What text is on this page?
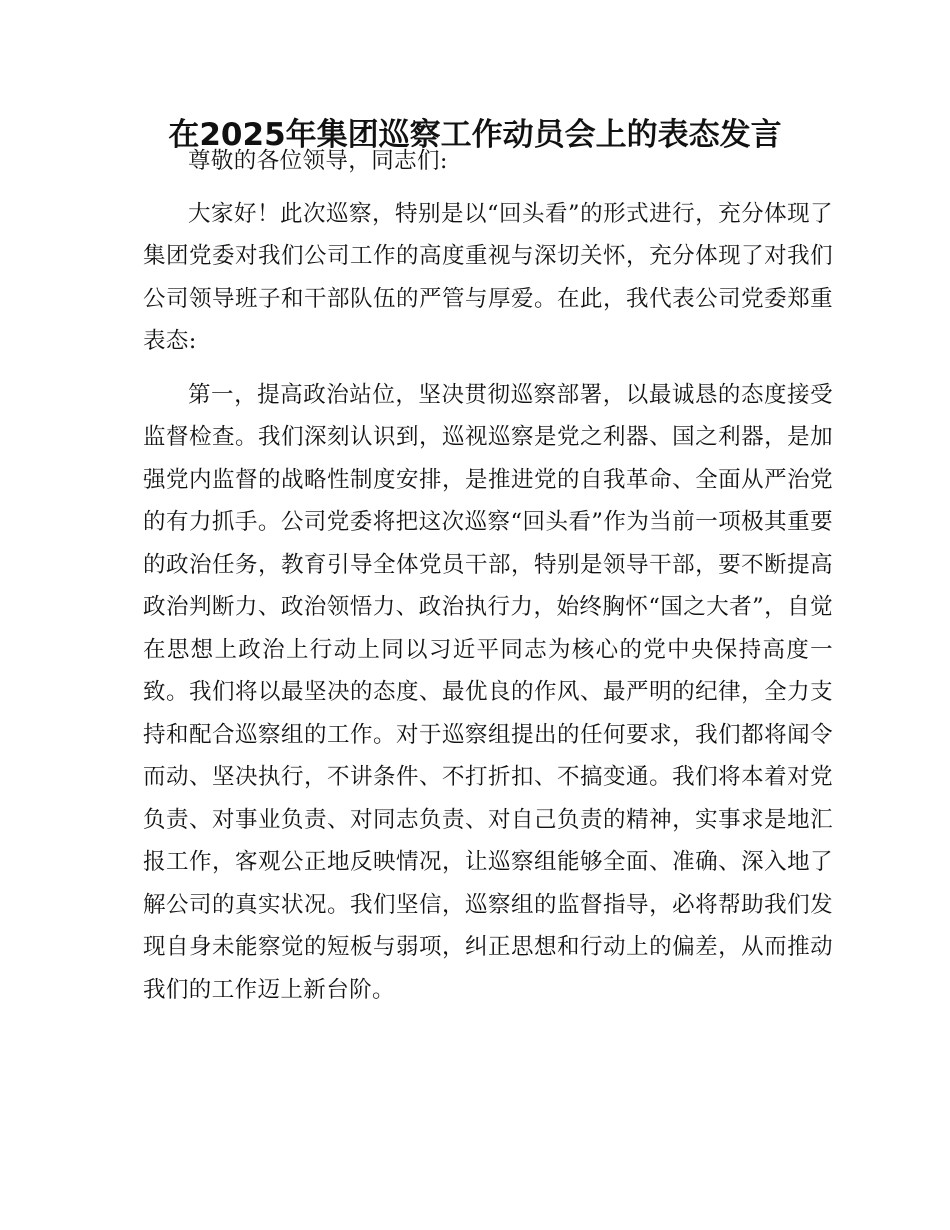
在2025年集团巡察工作动员会上的表态发言

尊敬的各位领导，同志们:

大家好！此次巡察，特别是以“回头看”的形式进行，充分体现了集团党委对我们公司工作的高度重视与深切关怀，充分体现了对我们公司领导班子和干部队伍的严管与厚爱。在此，我代表公司党委郑重表态:

第一，提高政治站位，坚决贯彻巡察部署，以最诚恳的态度接受监督检查。我们深刻认识到，巡视巡察是党之利器、国之利器，是加强党内监督的战略性制度安排，是推进党的自我革命、全面从严治党的有力抓手。公司党委将把这次巡察“回头看”作为当前一项极其重要的政治任务，教育引导全体党员干部，特别是领导干部，要不断提高政治判断力、政治领悟力、政治执行力，始终胸怀“国之大者”，自觉在思想上政治上行动上同以习近平同志为核心的党中央保持高度一致。我们将以最坚决的态度、最优良的作风、最严明的纪律，全力支持和配合巡察组的工作。对于巡察组提出的任何要求，我们都将闻令而动、坚决执行，不讲条件、不打折扣、不搞变通。我们将本着对党负责、对事业负责、对同志负责、对自己负责的精神，实事求是地汇报工作，客观公正地反映情况，让巡察组能够全面、准确、深入地了解公司的真实状况。我们坚信，巡察组的监督指导，必将帮助我们发现自身未能察觉的短板与弱项，纠正思想和行动上的偏差，从而推动我们的工作迈上新台阶。
